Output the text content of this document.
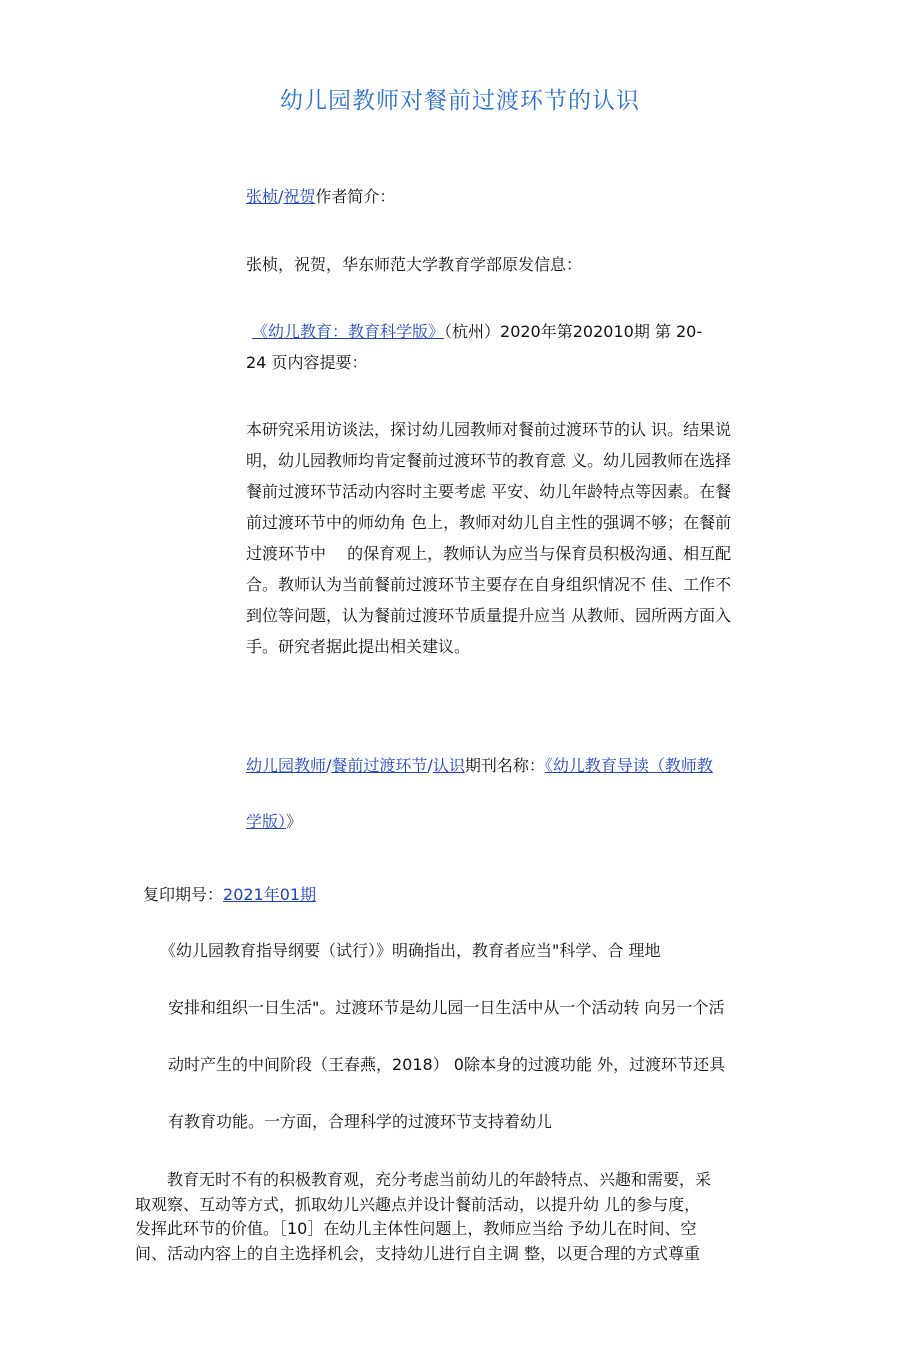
幼儿园教师对餐前过渡环节的认识
张桢/祝贺作者简介：
张桢，祝贺，华东师范大学教育学部原发信息：
《幼儿教育：教育科学版》（杭州）2020年第202010期 第 20-
24 页内容提要：
本研究采用访谈法，探讨幼儿园教师对餐前过渡环节的认 识。结果说
明，幼儿园教师均肯定餐前过渡环节的教育意 义。幼儿园教师在选择
餐前过渡环节活动内容时主要考虑 平安、幼儿年龄特点等因素。在餐
前过渡环节中的师幼角 色上，教师对幼儿自主性的强调不够；在餐前
过渡环节中　 的保育观上，教师认为应当与保育员积极沟通、相互配
合。教师认为当前餐前过渡环节主要存在自身组织情况不 佳、工作不
到位等问题，认为餐前过渡环节质量提升应当 从教师、园所两方面入
手。研究者据此提出相关建议。
幼儿园教师/餐前过渡环节/认识期刊名称：《幼儿教育导读（教师教
学版）》
复印期号：2021年01期
　　《幼儿园教育指导纲要（试行）》明确指出，教育者应当"科学、合 理地
安排和组织一日生活"。过渡环节是幼儿园一日生活中从一个活动转 向另一个活
动时产生的中间阶段（王春燕，2018） 0除本身的过渡功能 外，过渡环节还具
有教育功能。一方面，合理科学的过渡环节支持着幼儿
　　教育无时不有的积极教育观，充分考虑当前幼儿的年龄特点、兴趣和需要，采
取观察、互动等方式，抓取幼儿兴趣点并设计餐前活动，以提升幼 儿的参与度，
发挥此环节的价值。［10］在幼儿主体性问题上，教师应当给 予幼儿在时间、空
间、活动内容上的自主选择机会，支持幼儿进行自主调 整，以更合理的方式尊重
